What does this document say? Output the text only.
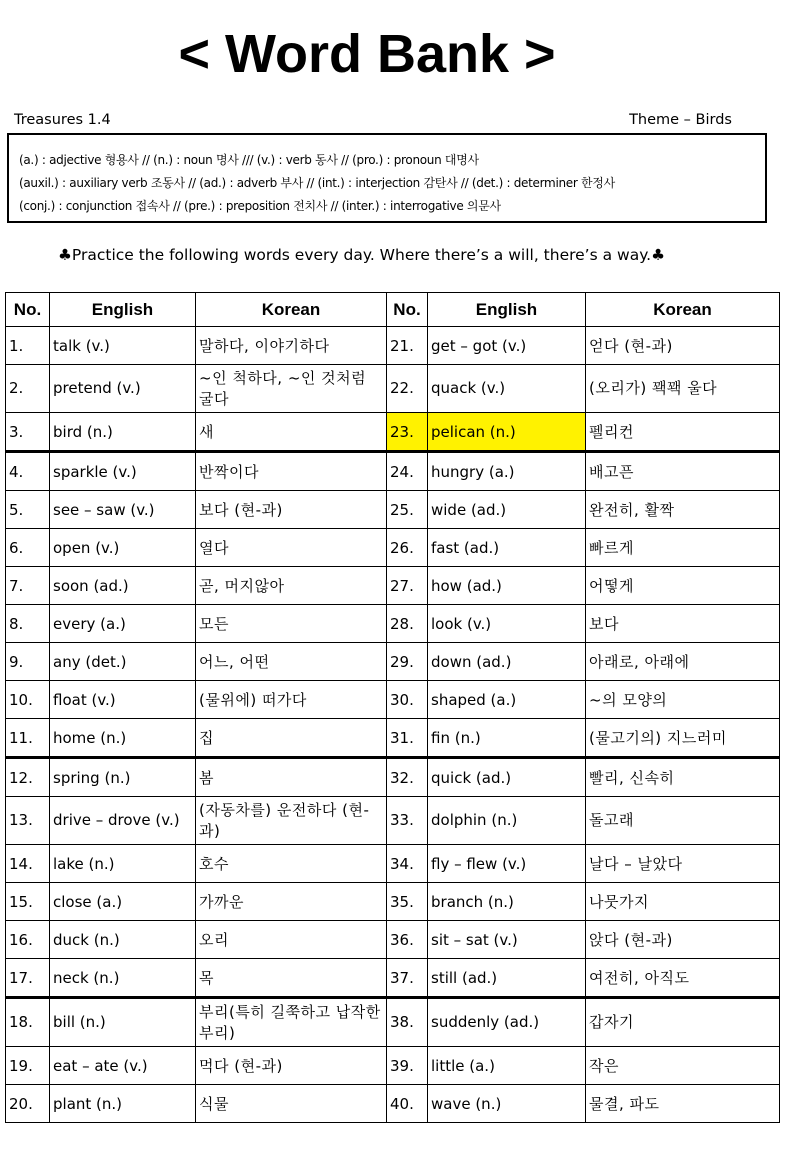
< Word Bank >
Treasures 1.4	Theme – Birds
(a.) : adjective 형용사 // (n.) : noun 명사 /// (v.) : verb 동사 // (pro.) : pronoun 대명사
(auxil.) : auxiliary verb 조동사 // (ad.) : adverb 부사 // (int.) : interjection 감탄사 // (det.) : determiner 한정사
(conj.) : conjunction 접속사 // (pre.) : preposition 전치사 // (inter.) : interrogative 의문사
♣Practice the following words every day. Where there’s a will, there’s a way.♣
No.	English	Korean	No.	English	Korean
1.	talk (v.)	말하다, 이야기하다	21.	get – got (v.)	얻다 (현-과)
2.	pretend (v.)	~인 척하다, ~인 것처럼 굴다	22.	quack (v.)	(오리가) 꽥꽥 울다
3.	bird (n.)	새	23.	pelican (n.)	펠리컨
4.	sparkle (v.)	반짝이다	24.	hungry (a.)	배고픈
5.	see – saw (v.)	보다 (현-과)	25.	wide (ad.)	완전히, 활짝
6.	open (v.)	열다	26.	fast (ad.)	빠르게
7.	soon (ad.)	곧, 머지않아	27.	how (ad.)	어떻게
8.	every (a.)	모든	28.	look (v.)	보다
9.	any (det.)	어느, 어떤	29.	down (ad.)	아래로, 아래에
10.	float (v.)	(물위에) 떠가다	30.	shaped (a.)	~의 모양의
11.	home (n.)	집	31.	fin (n.)	(물고기의) 지느러미
12.	spring (n.)	봄	32.	quick (ad.)	빨리, 신속히
13.	drive – drove (v.)	(자동차를) 운전하다 (현-과)	33.	dolphin (n.)	돌고래
14.	lake (n.)	호수	34.	fly – flew (v.)	날다 – 날았다
15.	close (a.)	가까운	35.	branch (n.)	나뭇가지
16.	duck (n.)	오리	36.	sit – sat (v.)	앉다 (현-과)
17.	neck (n.)	목	37.	still (ad.)	여전히, 아직도
18.	bill (n.)	부리(특히 길쭉하고 납작한 부리)	38.	suddenly (ad.)	갑자기
19.	eat – ate (v.)	먹다 (현-과)	39.	little (a.)	작은
20.	plant (n.)	식물	40.	wave (n.)	물결, 파도
